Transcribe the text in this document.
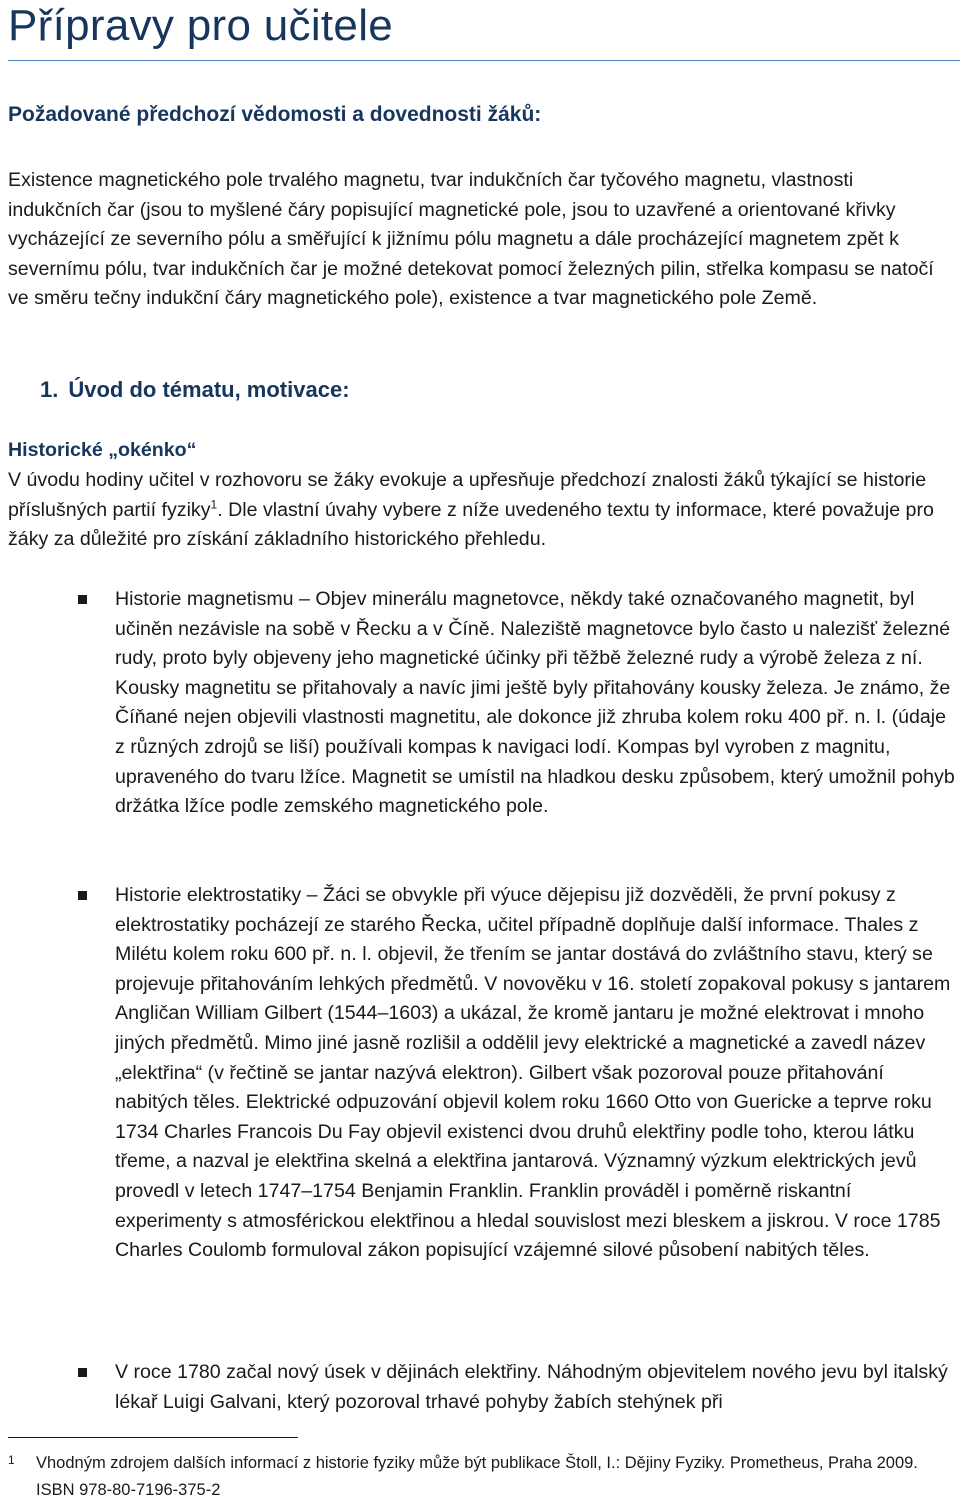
Přípravy pro učitele
Požadované předchozí vědomosti a dovednosti žáků:

Existence magnetického pole trvalého magnetu, tvar indukčních čar tyčového magnetu, vlastnosti indukčních čar (jsou to myšlené čáry popisující magnetické pole, jsou to uzavřené a orientované křivky vycházející ze severního pólu a směřující k jižnímu pólu magnetu a dále procházející magnetem zpět k severnímu pólu, tvar indukčních čar je možné detekovat pomocí železných pilin, střelka kompasu se natočí ve směru tečny indukční čáry magnetického pole), existence a tvar magnetického pole Země.

1. Úvod do tématu, motivace:
Historické „okénko“

V úvodu hodiny učitel v rozhovoru se žáky evokuje a upřesňuje předchozí znalosti žáků týkající se historie příslušných partií fyziky$^1$. Dle vlastní úvahy vybere z níže uvedeného textu ty informace, které považuje pro žáky za důležité pro získání základního historického přehledu.

Historie magnetismu – Objev minerálu magnetovce, někdy také označovaného magnetit, byl učiněn nezávisle na sobě v Řecku a v Číně. Naleziště magnetovce bylo často u nalezišť železné rudy, proto byly objeveny jeho magnetické účinky při těžbě železné rudy a výrobě železa z ní. Kousky magnetitu se přitahovaly a navíc jimi ještě byly přitahovány kousky železa. Je známo, že Číňané nejen objevili vlastnosti magnetitu, ale dokonce již zhruba kolem roku 400 př. n. l. (údaje z různých zdrojů se liší) používali kompas k navigaci lodí. Kompas byl vyroben z magnitu, upraveného do tvaru lžíce. Magnetit se umístil na hladkou desku způsobem, který umožnil pohyb držátka lžíce podle zemského magnetického pole.

Historie elektrostatiky – Žáci se obvykle při výuce dějepisu již dozvěděli, že první pokusy z elektrostatiky pocházejí ze starého Řecka, učitel případně doplňuje další informace. Thales z Milétu kolem roku 600 př. n. l. objevil, že třením se jantar dostává do zvláštního stavu, který se projevuje přitahováním lehkých předmětů. V novověku v 16. století zopakoval pokusy s jantarem Angličan William Gilbert (1544–1603) a ukázal, že kromě jantaru je možné elektrovat i mnoho jiných předmětů. Mimo jiné jasně rozlišil a oddělil jevy elektrické a magnetické a zavedl název „elektřina“ (v řečtině se jantar nazývá elektron). Gilbert však pozoroval pouze přitahování nabitých těles. Elektrické odpuzování objevil kolem roku 1660 Otto von Guericke a teprve roku 1734 Charles Francois Du Fay objevil existenci dvou druhů elektřiny podle toho, kterou látku třeme, a nazval je elektřina skelná a elektřina jantarová. Významný výzkum elektrických jevů provedl v letech 1747–1754 Benjamin Franklin. Franklin prováděl i poměrně riskantní experimenty s atmosférickou elektřinou a hledal souvislost mezi bleskem a jiskrou. V roce 1785 Charles Coulomb formuloval zákon popisující vzájemné silové působení nabitých těles.

V roce 1780 začal nový úsek v dějinách elektřiny. Náhodným objevitelem nového jevu byl italský lékař Luigi Galvani, který pozoroval trhavé pohyby žabích stehýnek při

1	Vhodným zdrojem dalších informací z historie fyziky může být publikace Štoll, I.: Dějiny Fyziky. Prometheus, Praha 2009. ISBN 978-80-7196-375-2
